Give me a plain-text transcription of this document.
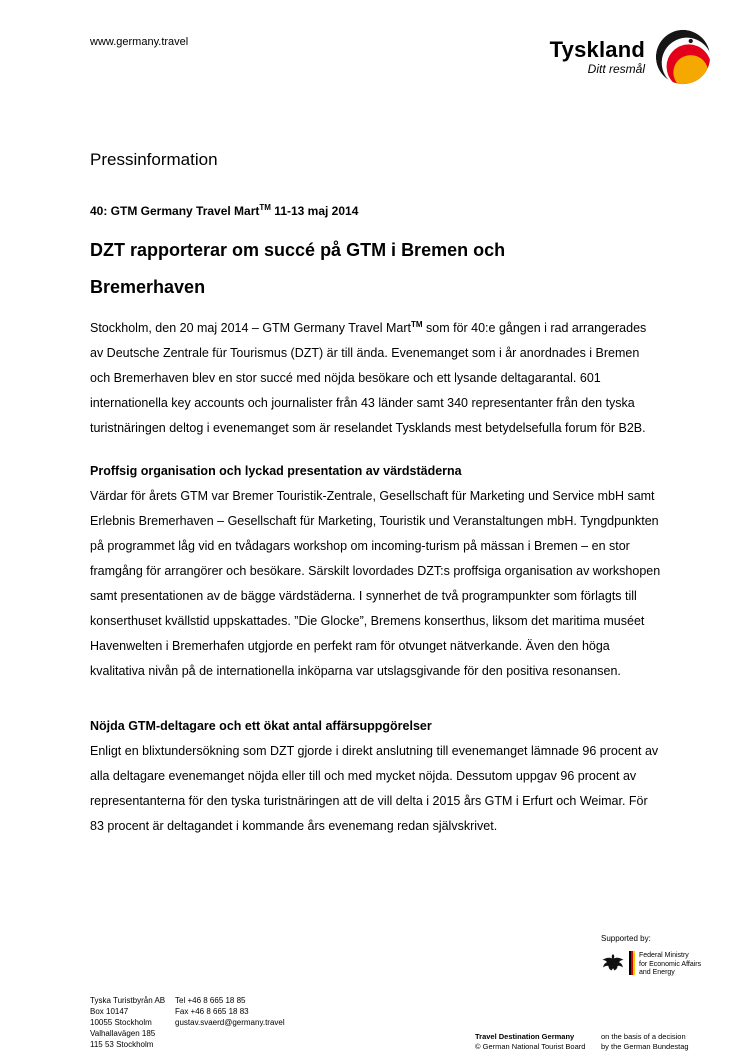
www.germany.travel	Tyskland
Ditt resmål

Pressinformation

40: GTM Germany Travel Mart™ 11-13 maj 2014

DZT rapporterar om succé på GTM i Bremen och
Bremerhaven

Stockholm, den 20 maj 2014 – GTM Germany Travel Mart™ som för 40:e gången i rad arrangerades av Deutsche Zentrale für Tourismus (DZT) är till ända. Evenemanget som i år anordnades i Bremen och Bremerhaven blev en stor succé med nöjda besökare och ett lysande deltagarantal. 601 internationella key accounts och journalister från 43 länder samt 340 representanter från den tyska turistnäringen deltog i evenemanget som är reselandet Tysklands mest betydelsefulla forum för B2B.

Proffsig organisation och lyckad presentation av värdstäderna

Värdar för årets GTM var Bremer Touristik-Zentrale, Gesellschaft für Marketing und Service mbH samt Erlebnis Bremerhaven – Gesellschaft für Marketing, Touristik und Veranstaltungen mbH. Tyngdpunkten på programmet låg vid en tvådagars workshop om incoming-turism på mässan i Bremen – en stor framgång för arrangörer och besökare. Särskilt lovordades DZT:s proffsiga organisation av workshopen samt presentationen av de bägge värdstäderna. I synnerhet de två programpunkter som förlagts till konserthuset kvällstid uppskattades. ”Die Glocke”, Bremens konserthus, liksom det maritima muséet Havenwelten i Bremerhafen utgjorde en perfekt ram för otvunget nätverkande. Även den höga kvalitativa nivån på de internationella inköparna var utslagsgivande för den positiva resonansen.

Nöjda GTM-deltagare och ett ökat antal affärsuppgörelser

Enligt en blixtundersökning som DZT gjorde i direkt anslutning till evenemanget lämnade 96 procent av alla deltagare evenemanget nöjda eller till och med mycket nöjda. Dessutom uppgav 96 procent av representanterna för den tyska turistnäringen att de vill delta i 2015 års GTM i Erfurt och Weimar. För 83 procent är deltagandet i kommande års evenemang redan självskrivet.

Tyska Turistbyrån AB
Box 10147
10055 Stockholm
Valhallavägen 185
115 53 Stockholm
Tel +46 8 665 18 85
Fax +46 8 665 18 83
gustav.svaerd@germany.travel
Supported by:
Federal Ministry
for Economic Affairs
and Energy
Travel Destination Germany
© German National Tourist Board
on the basis of a decision
by the German Bundestag
